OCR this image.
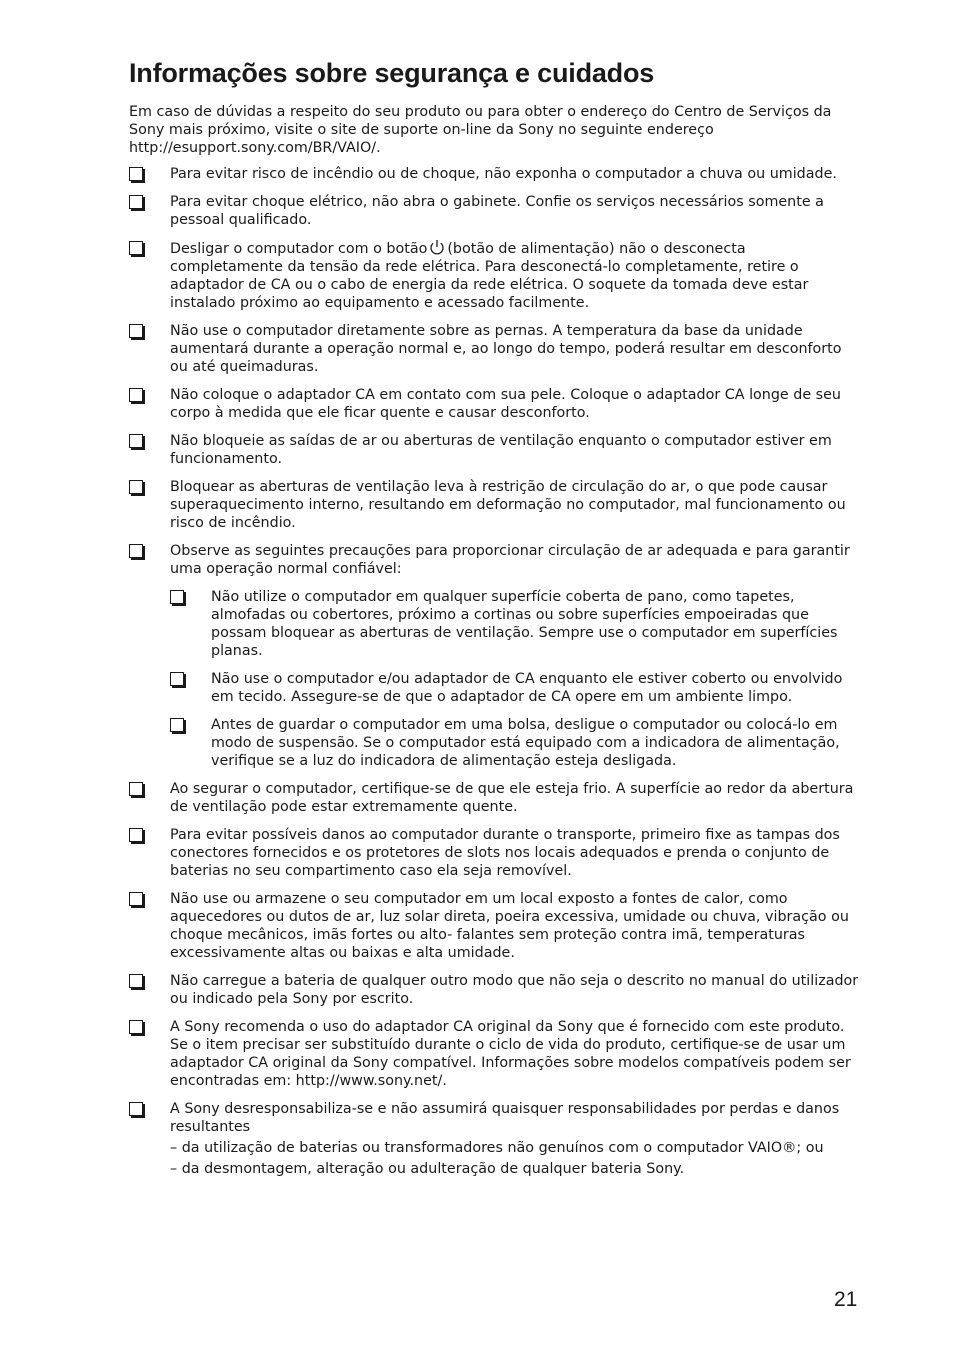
Informações sobre segurança e cuidados

Em caso de dúvidas a respeito do seu produto ou para obter o endereço do Centro de Serviços da Sony mais próximo, visite o site de suporte on-line da Sony no seguinte endereço http://esupport.sony.com/BR/VAIO/.

Para evitar risco de incêndio ou de choque, não exponha o computador a chuva ou umidade.
Para evitar choque elétrico, não abra o gabinete. Confie os serviços necessários somente a pessoal qualificado.
Desligar o computador com o botão (botão de alimentação) não o desconecta completamente da tensão da rede elétrica. Para desconectá-lo completamente, retire o adaptador de CA ou o cabo de energia da rede elétrica. O soquete da tomada deve estar instalado próximo ao equipamento e acessado facilmente.
Não use o computador diretamente sobre as pernas. A temperatura da base da unidade aumentará durante a operação normal e, ao longo do tempo, poderá resultar em desconforto ou até queimaduras.
Não coloque o adaptador CA em contato com sua pele. Coloque o adaptador CA longe de seu corpo à medida que ele ficar quente e causar desconforto.
Não bloqueie as saídas de ar ou aberturas de ventilação enquanto o computador estiver em funcionamento.
Bloquear as aberturas de ventilação leva à restrição de circulação do ar, o que pode causar superaquecimento interno, resultando em deformação no computador, mal funcionamento ou risco de incêndio.
Observe as seguintes precauções para proporcionar circulação de ar adequada e para garantir uma operação normal confiável:
Não utilize o computador em qualquer superfície coberta de pano, como tapetes, almofadas ou cobertores, próximo a cortinas ou sobre superfícies empoeiradas que possam bloquear as aberturas de ventilação. Sempre use o computador em superfícies planas.
Não use o computador e/ou adaptador de CA enquanto ele estiver coberto ou envolvido em tecido. Assegure-se de que o adaptador de CA opere em um ambiente limpo.
Antes de guardar o computador em uma bolsa, desligue o computador ou colocá-lo em modo de suspensão. Se o computador está equipado com a indicadora de alimentação, verifique se a luz do indicadora de alimentação esteja desligada.
Ao segurar o computador, certifique-se de que ele esteja frio. A superfície ao redor da abertura de ventilação pode estar extremamente quente.
Para evitar possíveis danos ao computador durante o transporte, primeiro fixe as tampas dos conectores fornecidos e os protetores de slots nos locais adequados e prenda o conjunto de baterias no seu compartimento caso ela seja removível.
Não use ou armazene o seu computador em um local exposto a fontes de calor, como aquecedores ou dutos de ar, luz solar direta, poeira excessiva, umidade ou chuva, vibração ou choque mecânicos, imãs fortes ou alto- falantes sem proteção contra imã, temperaturas excessivamente altas ou baixas e alta umidade.
Não carregue a bateria de qualquer outro modo que não seja o descrito no manual do utilizador ou indicado pela Sony por escrito.
A Sony recomenda o uso do adaptador CA original da Sony que é fornecido com este produto. Se o item precisar ser substituído durante o ciclo de vida do produto, certifique-se de usar um adaptador CA original da Sony compatível. Informações sobre modelos compatíveis podem ser encontradas em: http://www.sony.net/.
A Sony desresponsabiliza-se e não assumirá quaisquer responsabilidades por perdas e danos resultantes
– da utilização de baterias ou transformadores não genuínos com o computador VAIO®; ou
– da desmontagem, alteração ou adulteração de qualquer bateria Sony.
21
